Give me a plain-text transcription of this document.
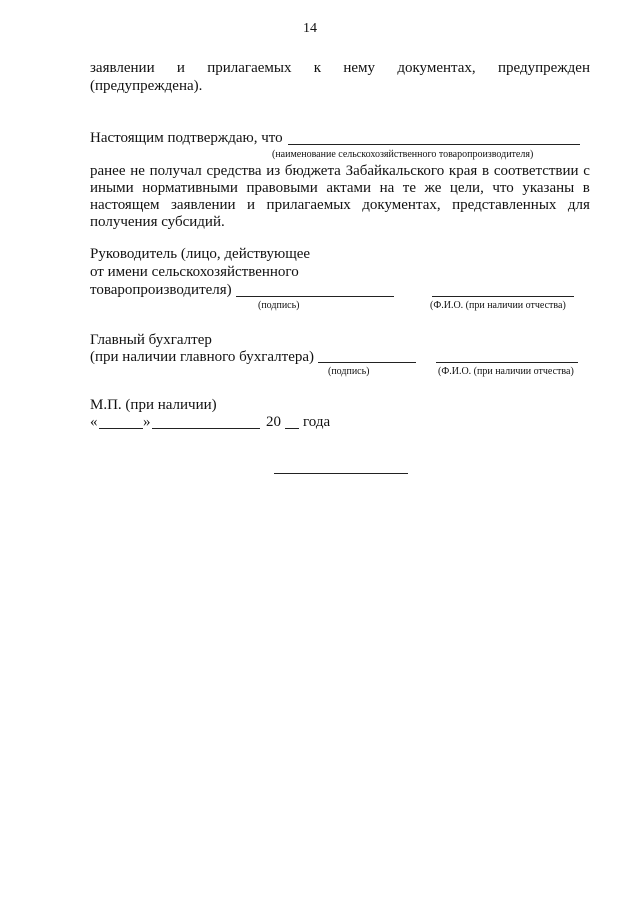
14
заявлении и прилагаемых к нему документах, предупрежден
(предупреждена).
Настоящим подтверждаю, что
(наименование сельскохозяйственного товаропроизводителя)
ранее не получал средства из бюджета Забайкальского края в соответствии с
иными нормативными правовыми актами на те же цели, что указаны в
настоящем заявлении и прилагаемых документах, представленных для
получения субсидий.
Руководитель (лицо, действующее
от имени сельскохозяйственного
товаропроизводителя)
(подпись)	(Ф.И.О. (при наличии отчества)
Главный бухгалтер
(при наличии главного бухгалтера)
(подпись)	(Ф.И.О. (при наличии отчества)
М.П. (при наличии)
«	»	20 года
